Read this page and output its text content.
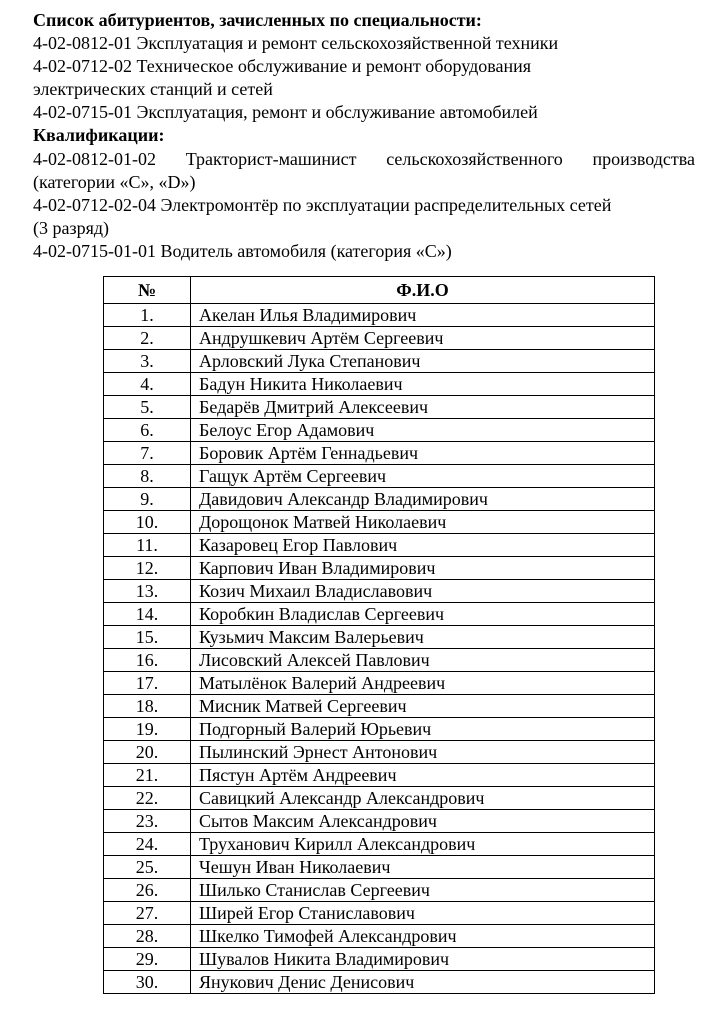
Список абитуриентов, зачисленных по специальности:
4-02-0812-01 Эксплуатация и ремонт сельскохозяйственной техники
4-02-0712-02 Техническое обслуживание и ремонт оборудования
электрических станций и сетей
4-02-0715-01 Эксплуатация, ремонт и обслуживание автомобилей
Квалификации:
4-02-0812-01-02 Тракторист-машинист сельскохозяйственного производства
(категории «C», «D»)
4-02-0712-02-04 Электромонтёр по эксплуатации распределительных сетей
(3 разряд)
4-02-0715-01-01 Водитель автомобиля (категория «C»)
№	Ф.И.О
1.	Акелан Илья Владимирович
2.	Андрушкевич Артём Сергеевич
3.	Арловский Лука Степанович
4.	Бадун Никита Николаевич
5.	Бедарёв Дмитрий Алексеевич
6.	Белоус Егор Адамович
7.	Боровик Артём Геннадьевич
8.	Гащук Артём Сергеевич
9.	Давидович Александр Владимирович
10.	Дорощонок Матвей Николаевич
11.	Казаровец Егор Павлович
12.	Карпович Иван Владимирович
13.	Козич Михаил Владиславович
14.	Коробкин Владислав Сергеевич
15.	Кузьмич Максим Валерьевич
16.	Лисовский Алексей Павлович
17.	Матылёнок Валерий Андреевич
18.	Мисник Матвей Сергеевич
19.	Подгорный Валерий Юрьевич
20.	Пылинский Эрнест Антонович
21.	Пястун Артём Андреевич
22.	Савицкий Александр Александрович
23.	Сытов Максим Александрович
24.	Труханович Кирилл Александрович
25.	Чешун Иван Николаевич
26.	Шилько Станислав Сергеевич
27.	Ширей Егор Станиславович
28.	Шкелко Тимофей Александрович
29.	Шувалов Никита Владимирович
30.	Янукович Денис Денисович
